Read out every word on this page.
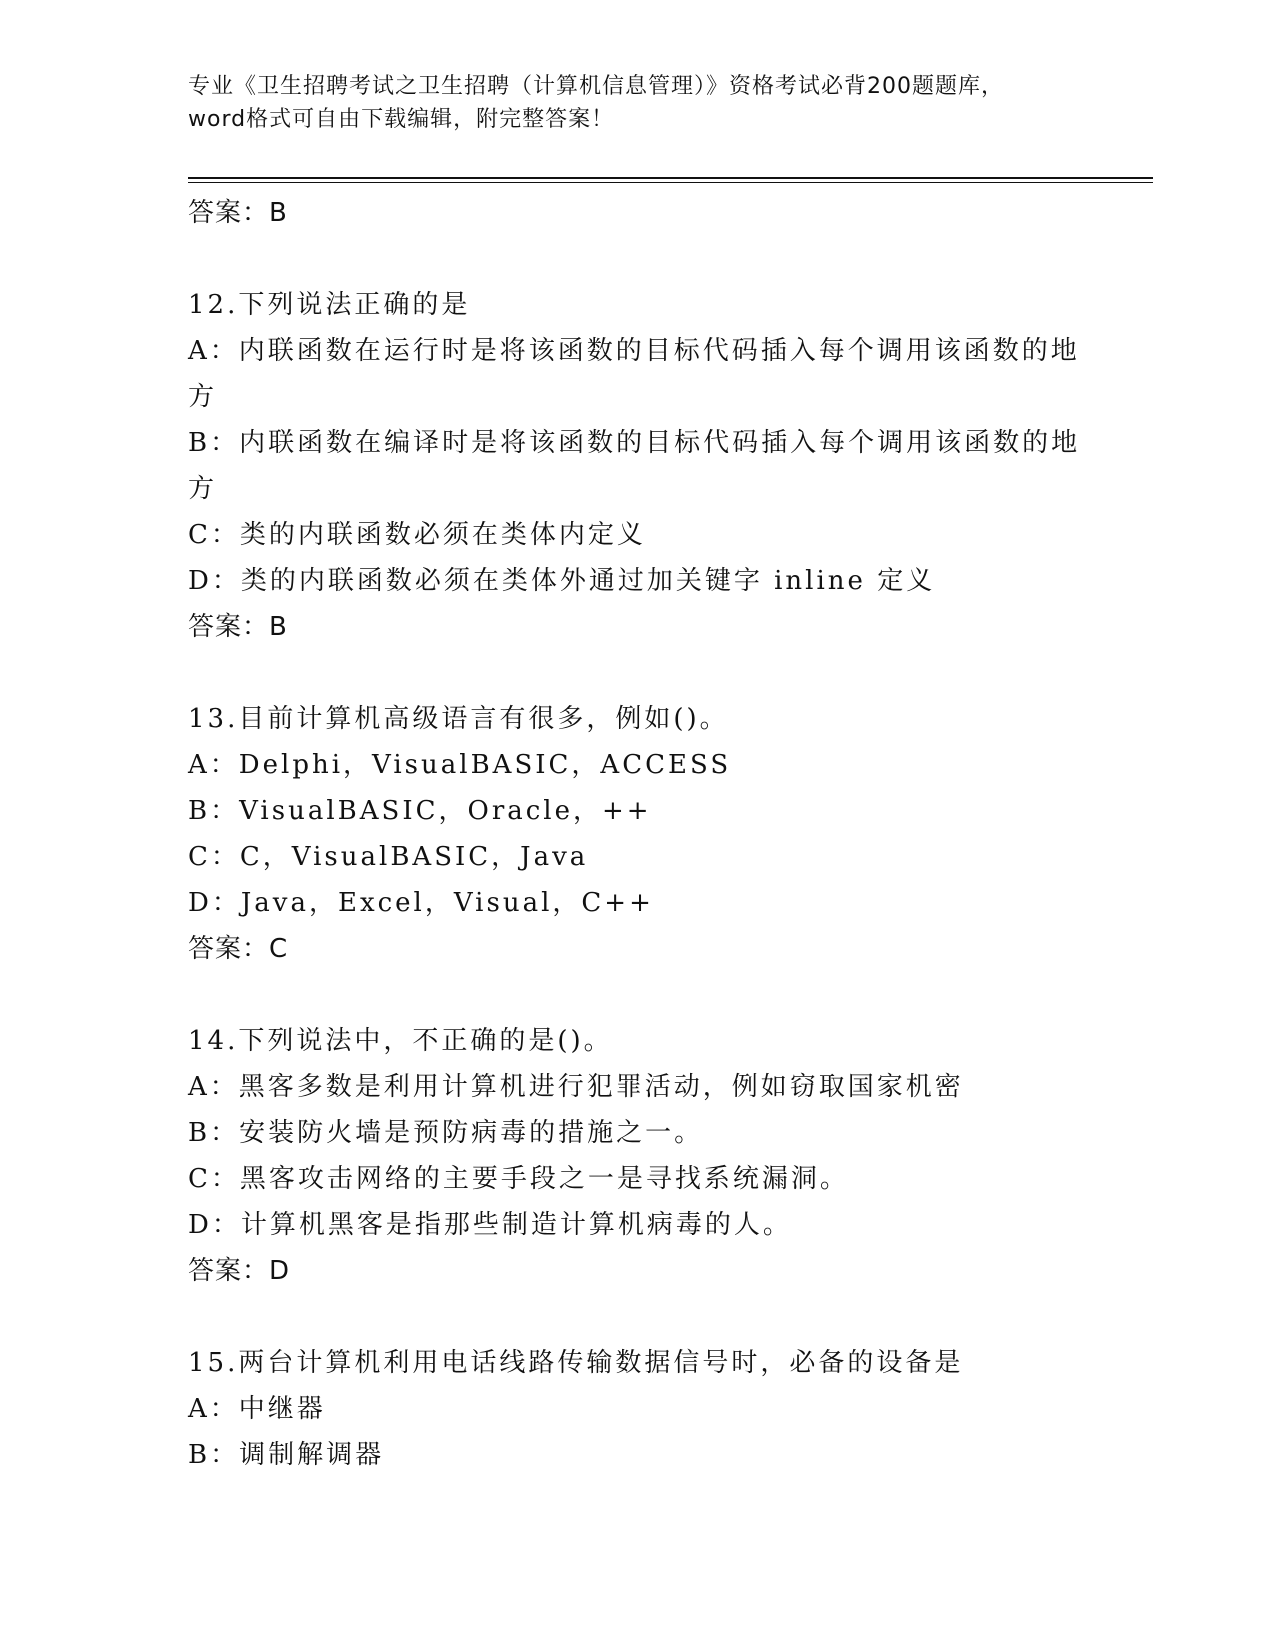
专业《卫生招聘考试之卫生招聘（计算机信息管理）》资格考试必背200题题库，
word格式可自由下载编辑，附完整答案！
答案：B
12.下列说法正确的是
A：内联函数在运行时是将该函数的目标代码插入每个调用该函数的地
方
B：内联函数在编译时是将该函数的目标代码插入每个调用该函数的地
方
C：类的内联函数必须在类体内定义
D：类的内联函数必须在类体外通过加关键字 inline 定义
答案：B
13.目前计算机高级语言有很多，例如()。
A：Delphi，VisualBASIC，ACCESS
B：VisualBASIC，Oracle，++
C：C，VisualBASIC，Java
D：Java，Excel，Visual，C++
答案：C
14.下列说法中，不正确的是()。
A：黑客多数是利用计算机进行犯罪活动，例如窃取国家机密
B：安装防火墙是预防病毒的措施之一。
C：黑客攻击网络的主要手段之一是寻找系统漏洞。
D：计算机黑客是指那些制造计算机病毒的人。
答案：D
15.两台计算机利用电话线路传输数据信号时，必备的设备是
A：中继器
B：调制解调器
